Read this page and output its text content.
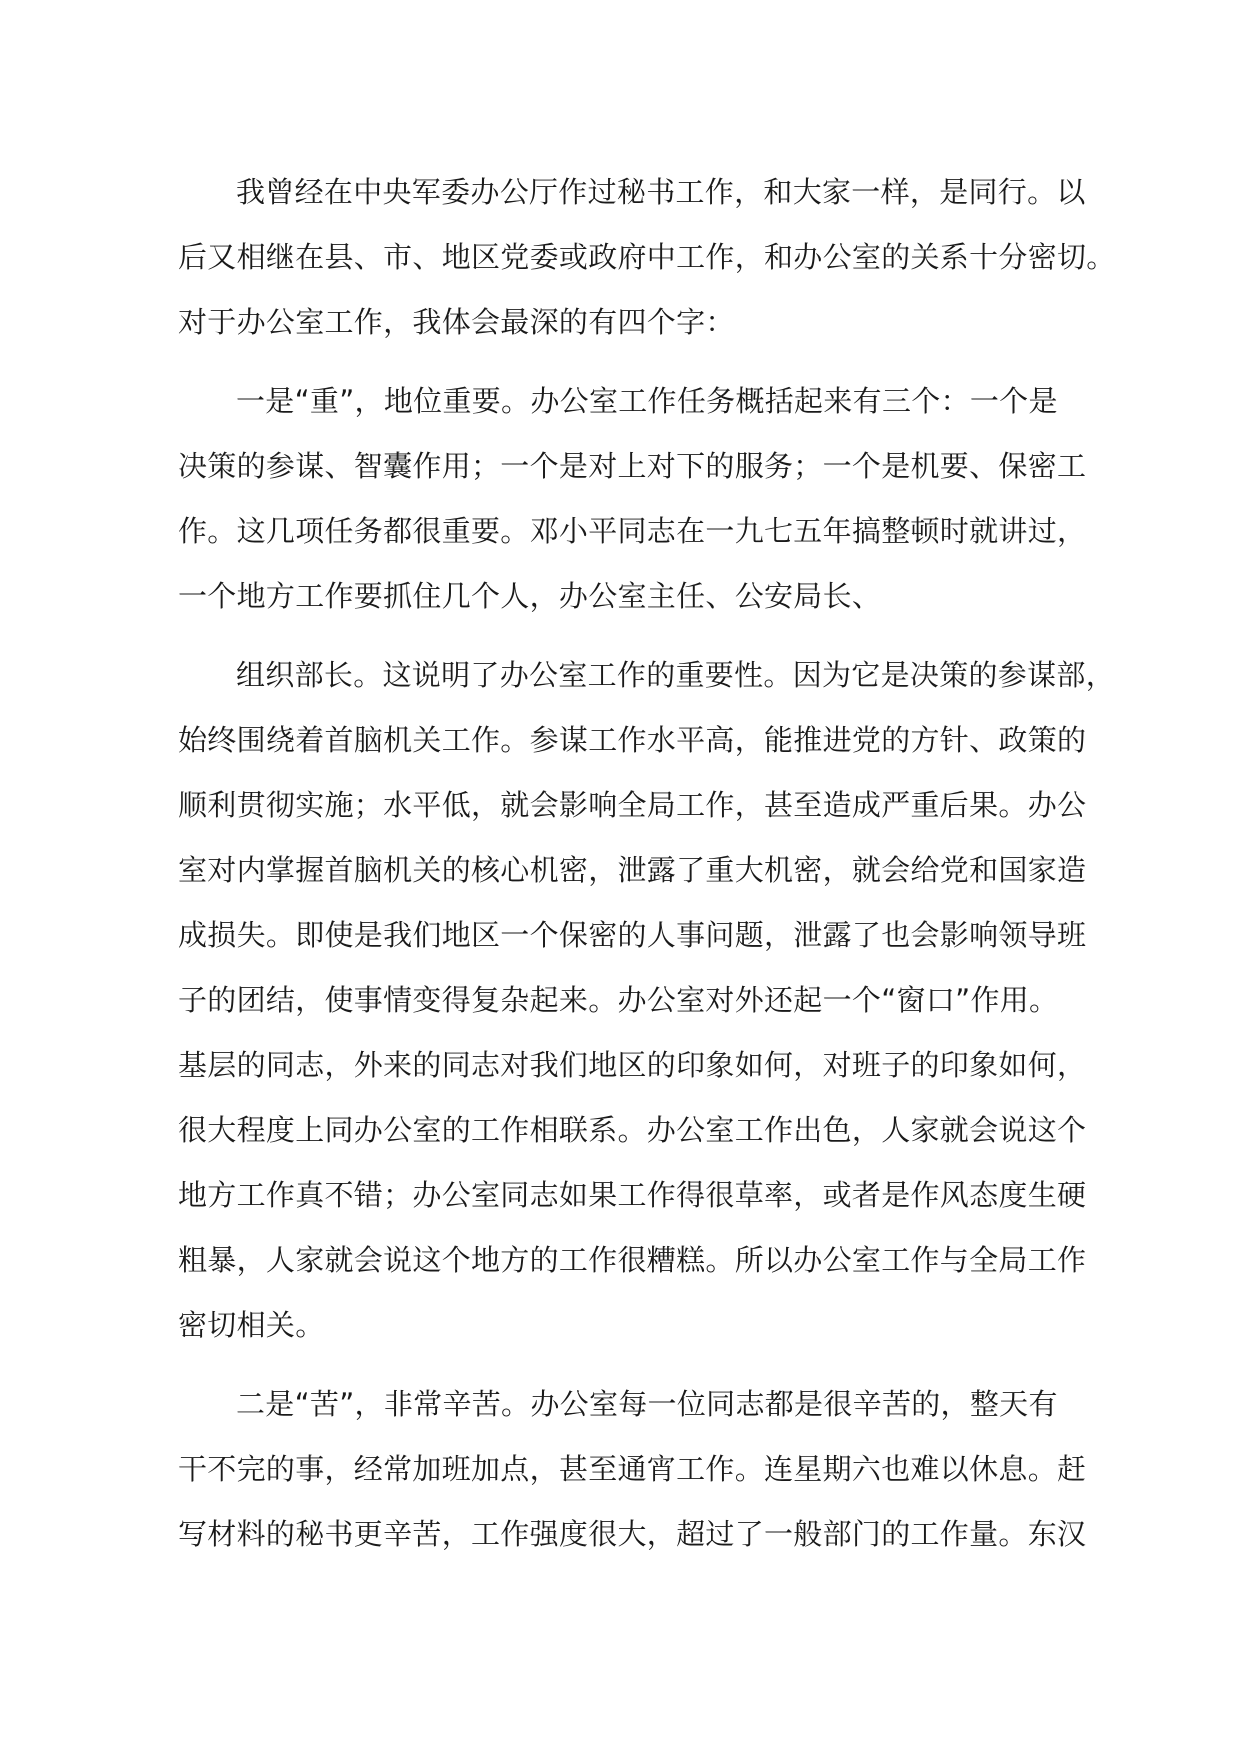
我曾经在中央军委办公厅作过秘书工作，和大家一样，是同行。以
后又相继在县、市、地区党委或政府中工作，和办公室的关系十分密切。
对于办公室工作，我体会最深的有四个字：
一是“重”，地位重要。办公室工作任务概括起来有三个：一个是
决策的参谋、智囊作用；一个是对上对下的服务；一个是机要、保密工
作。这几项任务都很重要。邓小平同志在一九七五年搞整顿时就讲过，
一个地方工作要抓住几个人，办公室主任、公安局长、
组织部长。这说明了办公室工作的重要性。因为它是决策的参谋部，
始终围绕着首脑机关工作。参谋工作水平高，能推进党的方针、政策的
顺利贯彻实施；水平低，就会影响全局工作，甚至造成严重后果。办公
室对内掌握首脑机关的核心机密，泄露了重大机密，就会给党和国家造
成损失。即使是我们地区一个保密的人事问题，泄露了也会影响领导班
子的团结，使事情变得复杂起来。办公室对外还起一个“窗口”作用。
基层的同志，外来的同志对我们地区的印象如何，对班子的印象如何，
很大程度上同办公室的工作相联系。办公室工作出色，人家就会说这个
地方工作真不错；办公室同志如果工作得很草率，或者是作风态度生硬
粗暴，人家就会说这个地方的工作很糟糕。所以办公室工作与全局工作
密切相关。
二是“苦”，非常辛苦。办公室每一位同志都是很辛苦的，整天有
干不完的事，经常加班加点，甚至通宵工作。连星期六也难以休息。赶
写材料的秘书更辛苦，工作强度很大，超过了一般部门的工作量。东汉
